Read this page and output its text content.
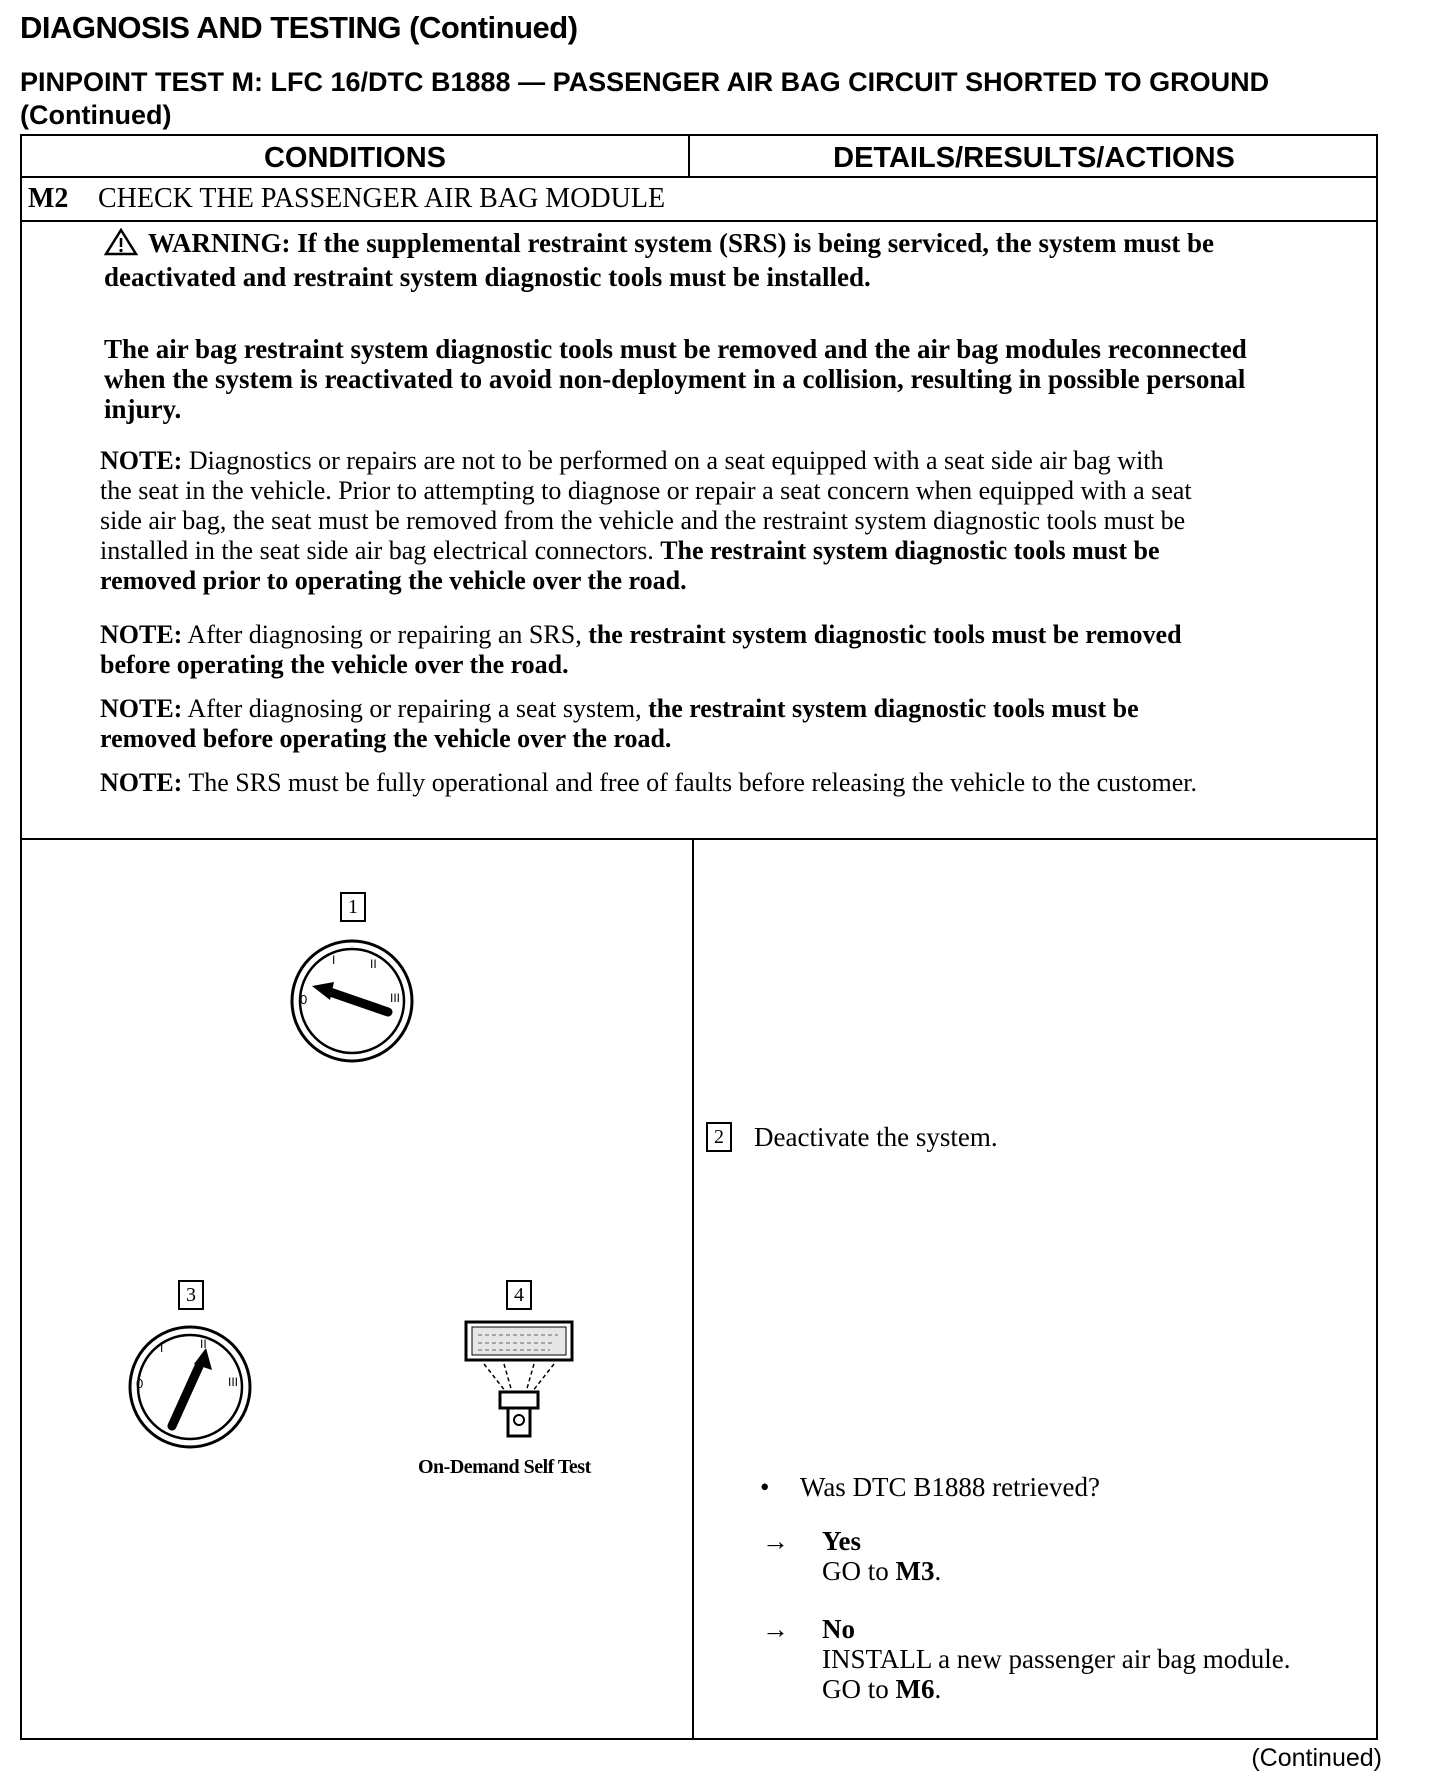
DIAGNOSIS AND TESTING (Continued)
PINPOINT TEST M: LFC 16/DTC B1888 — PASSENGER AIR BAG CIRCUIT SHORTED TO GROUND (Continued)
CONDITIONS	DETAILS/RESULTS/ACTIONS
M2 CHECK THE PASSENGER AIR BAG MODULE
WARNING: If the supplemental restraint system (SRS) is being serviced, the system must be deactivated and restraint system diagnostic tools must be installed.
The air bag restraint system diagnostic tools must be removed and the air bag modules reconnected when the system is reactivated to avoid non-deployment in a collision, resulting in possible personal injury.
NOTE: Diagnostics or repairs are not to be performed on a seat equipped with a seat side air bag with the seat in the vehicle. Prior to attempting to diagnose or repair a seat concern when equipped with a seat side air bag, the seat must be removed from the vehicle and the restraint system diagnostic tools must be installed in the seat side air bag electrical connectors. The restraint system diagnostic tools must be removed prior to operating the vehicle over the road.
NOTE: After diagnosing or repairing an SRS, the restraint system diagnostic tools must be removed before operating the vehicle over the road.
NOTE: After diagnosing or repairing a seat system, the restraint system diagnostic tools must be removed before operating the vehicle over the road.
NOTE: The SRS must be fully operational and free of faults before releasing the vehicle to the customer.
1
0
I	II
III
3
0
I	II
III
4
On-Demand Self Test
2 Deactivate the system.
• Was DTC B1888 retrieved?
→ Yes
GO to M3.
→ No
INSTALL a new passenger air bag module.
GO to M6.
(Continued)
